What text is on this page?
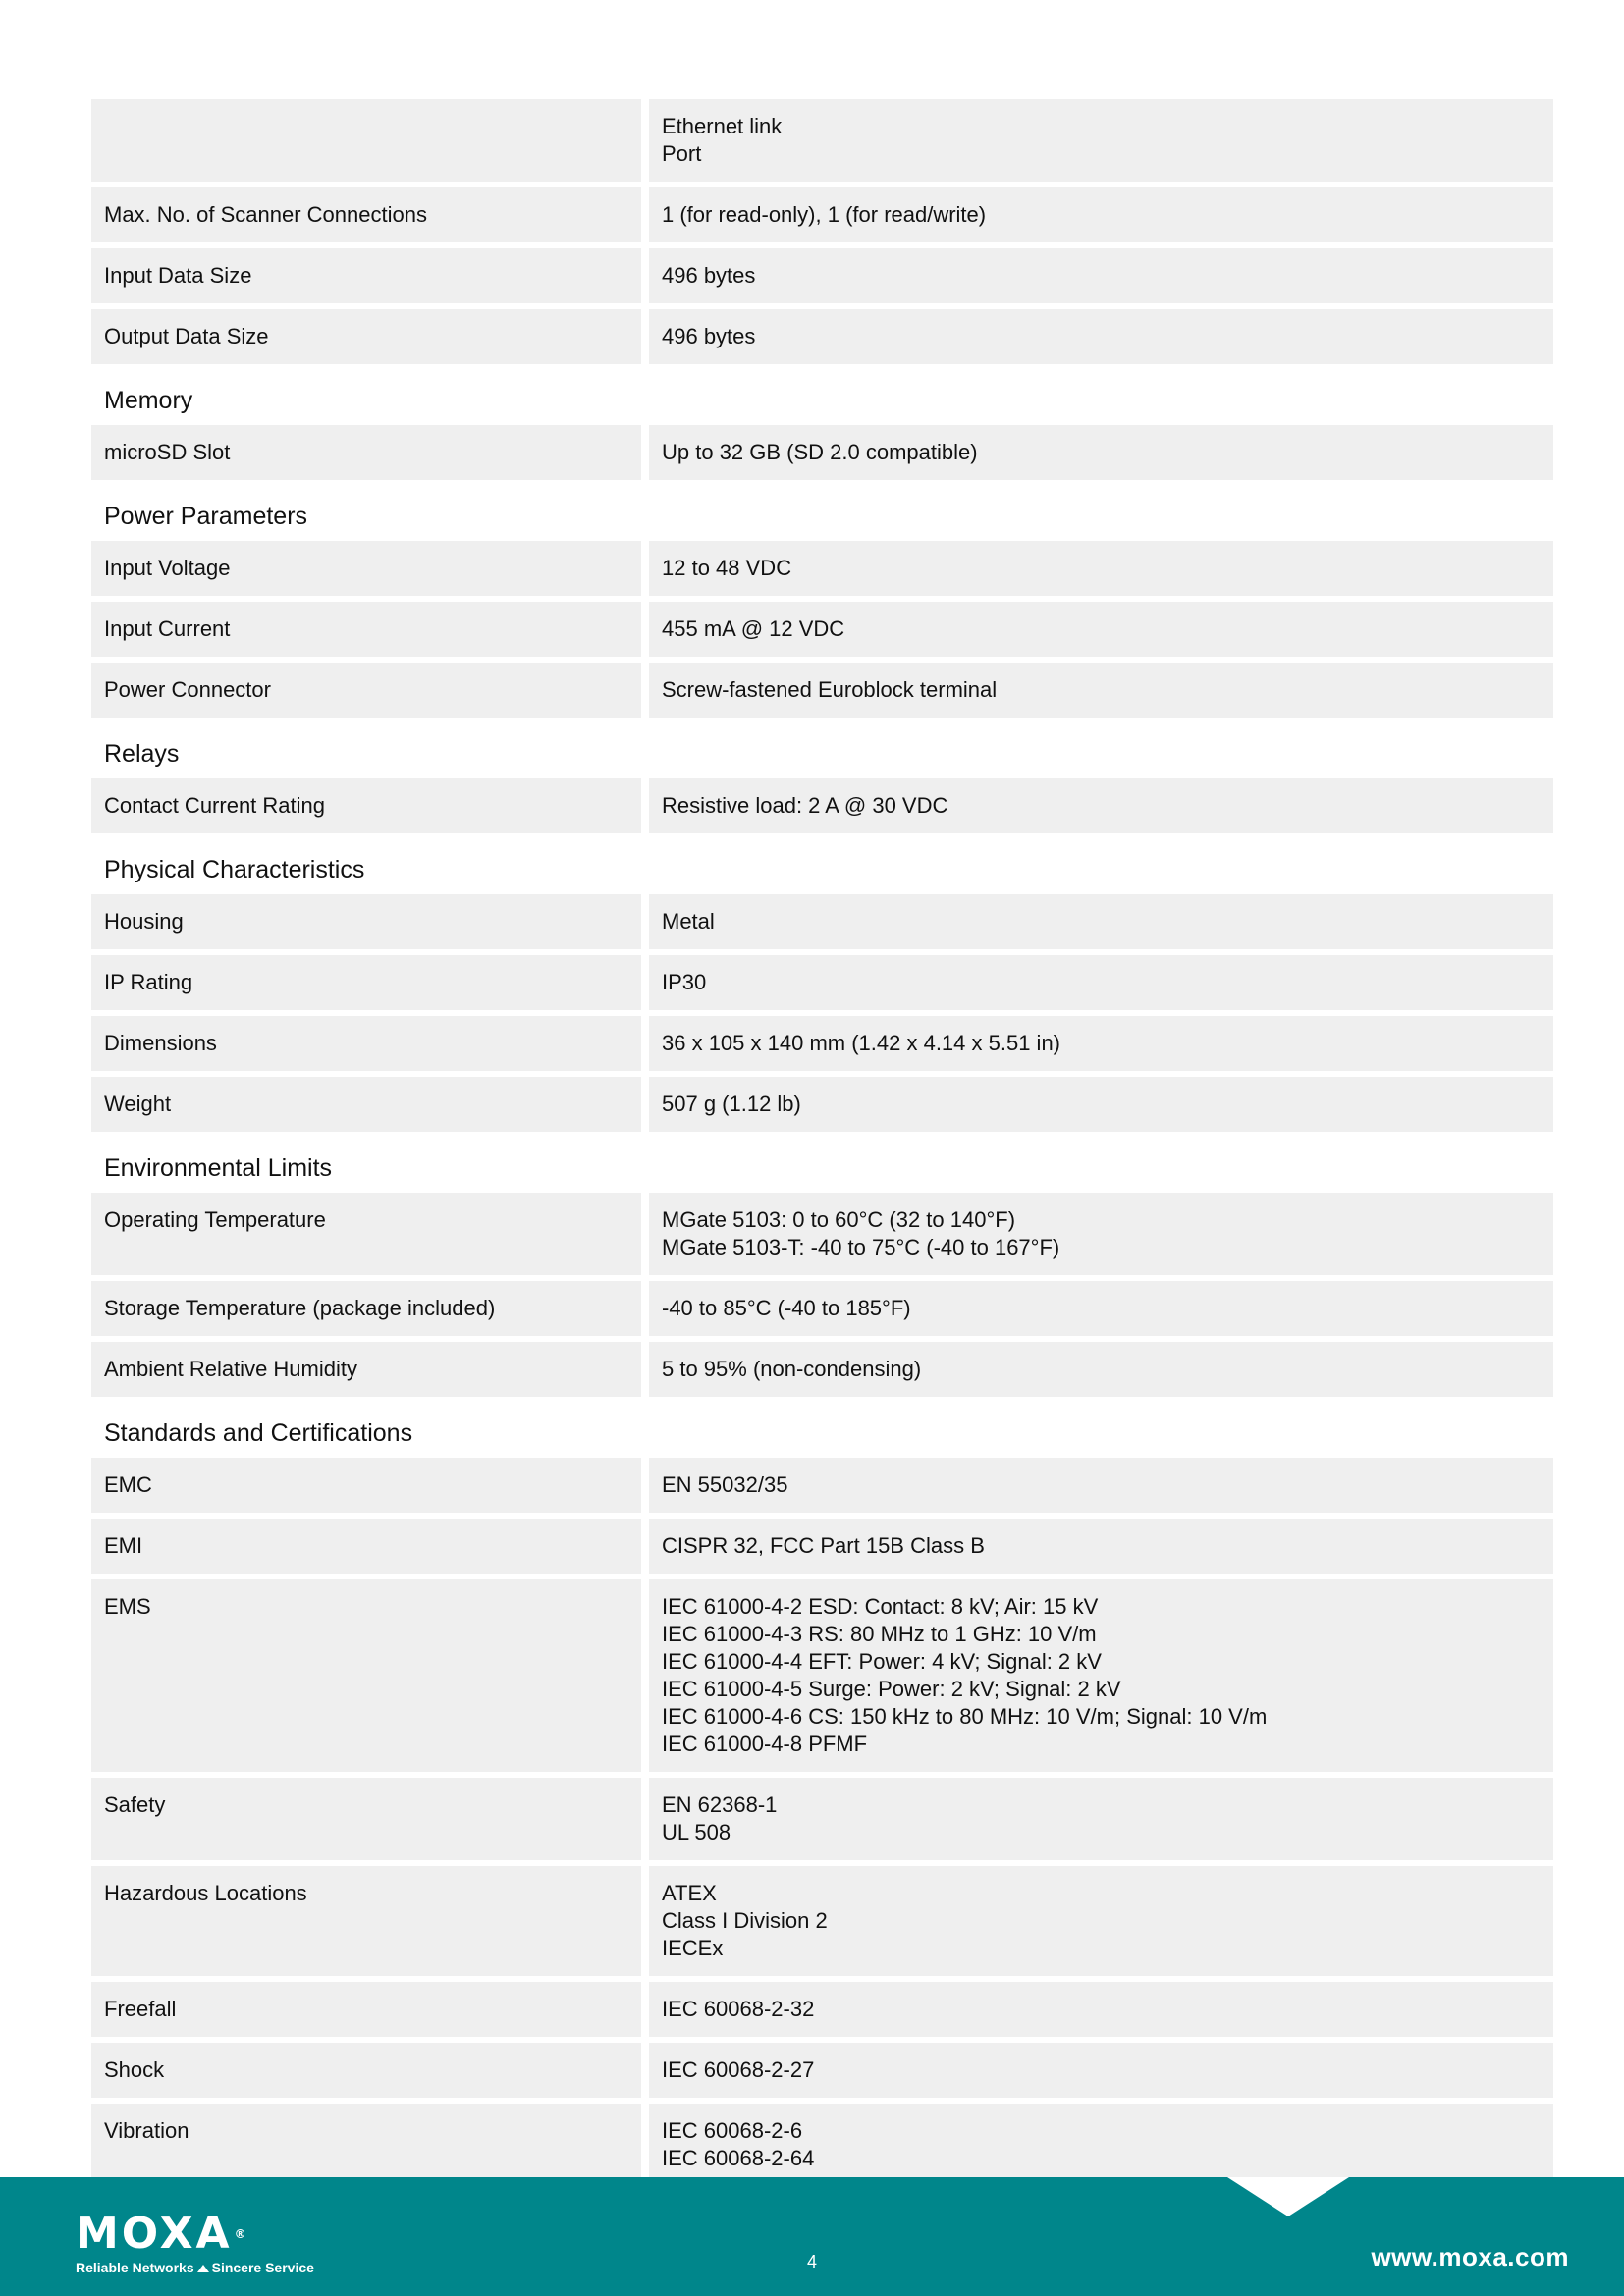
Ethernet link
Port
Max. No. of Scanner Connections	1 (for read-only), 1 (for read/write)
Input Data Size	496 bytes
Output Data Size	496 bytes
Memory
microSD Slot	Up to 32 GB (SD 2.0 compatible)
Power Parameters
Input Voltage	12 to 48 VDC
Input Current	455 mA @ 12 VDC
Power Connector	Screw-fastened Euroblock terminal
Relays
Contact Current Rating	Resistive load: 2 A @ 30 VDC
Physical Characteristics
Housing	Metal
IP Rating	IP30
Dimensions	36 x 105 x 140 mm (1.42 x 4.14 x 5.51 in)
Weight	507 g (1.12 lb)
Environmental Limits
Operating Temperature	MGate 5103: 0 to 60°C (32 to 140°F)
MGate 5103-T: -40 to 75°C (-40 to 167°F)
Storage Temperature (package included)	-40 to 85°C (-40 to 185°F)
Ambient Relative Humidity	5 to 95% (non-condensing)
Standards and Certifications
EMC	EN 55032/35
EMI	CISPR 32, FCC Part 15B Class B
EMS	IEC 61000-4-2 ESD: Contact: 8 kV; Air: 15 kV
IEC 61000-4-3 RS: 80 MHz to 1 GHz: 10 V/m
IEC 61000-4-4 EFT: Power: 4 kV; Signal: 2 kV
IEC 61000-4-5 Surge: Power: 2 kV; Signal: 2 kV
IEC 61000-4-6 CS: 150 kHz to 80 MHz: 10 V/m; Signal: 10 V/m
IEC 61000-4-8 PFMF
Safety	EN 62368-1
UL 508
Hazardous Locations	ATEX
Class I Division 2
IECEx
Freefall	IEC 60068-2-32
Shock	IEC 60068-2-27
Vibration	IEC 60068-2-6
IEC 60068-2-64
MOXA ®
Reliable Networks Sincere Service	4	www.moxa.com
